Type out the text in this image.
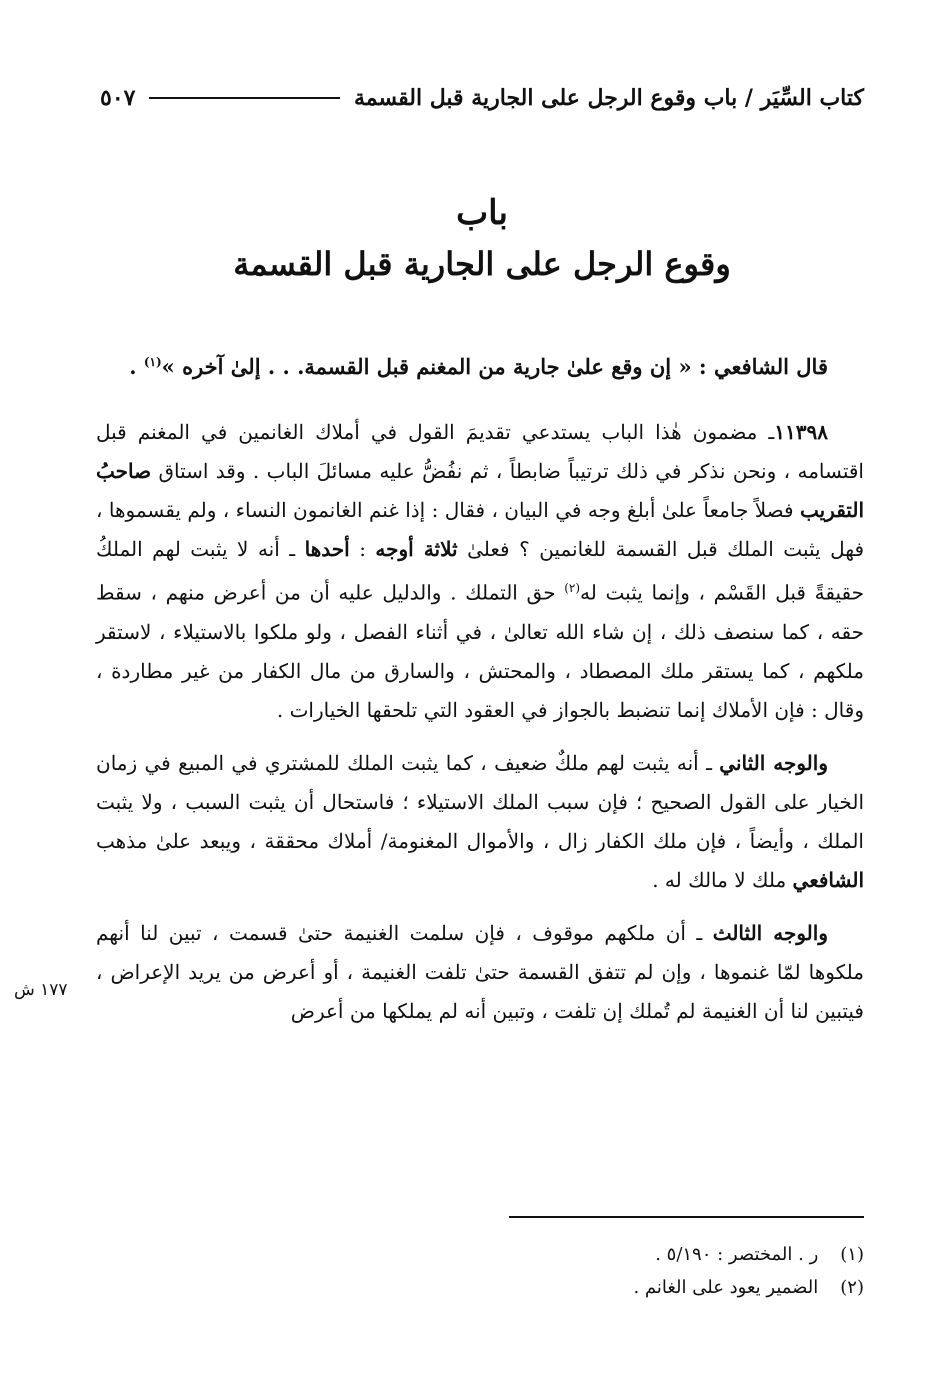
كتاب السِّيَر / باب وقوع الرجل على الجارية قبل القسمة
٥٠٧
باب
وقوع الرجل على الجارية قبل القسمة

قال الشافعي : « إن وقع علىٰ جارية من المغنم قبل القسمة. . . إلىٰ آخره »$^{(١)}$ .

١١٣٩٨ـ مضمون هٰذا الباب يستدعي تقديمَ القول في أملاك الغانمين في المغنم قبل اقتسامه ، ونحن نذكر في ذلك ترتيباً ضابطاً ، ثم نفُضُّ عليه مسائلَ الباب . وقد استاق صاحبُ التقريب فصلاً جامعاً علىٰ أبلغ وجه في البيان ، فقال : إذا غنم الغانمون النساء ، ولم يقسموها ، فهل يثبت الملك قبل القسمة للغانمين ؟ فعلىٰ ثلاثة أوجه : أحدها ـ أنه لا يثبت لهم الملكُ حقيقةً قبل القَسْم ، وإنما يثبت له$^{(٢)}$ حق التملك . والدليل عليه أن من أعرض منهم ، سقط حقه ، كما سنصف ذلك ، إن شاء الله تعالىٰ ، في أثناء الفصل ، ولو ملكوا بالاستيلاء ، لاستقر ملكهم ، كما يستقر ملك المصطاد ، والمحتش ، والسارق من مال الكفار من غير مطاردة ، وقال : فإن الأملاك إنما تنضبط بالجواز في العقود التي تلحقها الخيارات .

والوجه الثاني ـ أنه يثبت لهم ملكٌ ضعيف ، كما يثبت الملك للمشتري في المبيع في زمان الخيار على القول الصحيح ؛ فإن سبب الملك الاستيلاء ؛ فاستحال أن يثبت السبب ، ولا يثبت الملك ، وأيضاً ، فإن ملك الكفار زال ، والأموال المغنومة/ أملاك محققة ، ويبعد علىٰ مذهب الشافعي ملك لا مالك له .

والوجه الثالث ـ أن ملكهم موقوف ، فإن سلمت الغنيمة حتىٰ قسمت ، تبين لنا أنهم ملكوها لمّا غنموها ، وإن لم تتفق القسمة حتىٰ تلفت الغنيمة ، أو أعرض من يريد الإعراض ، فيتبين لنا أن الغنيمة لم تُملك إن تلفت ، وتبين أنه لم يملكها من أعرض

١٧٧ ش
(١)
ر . المختصر : ٥/١٩٠ .
(٢)
الضمير يعود على الغانم .
